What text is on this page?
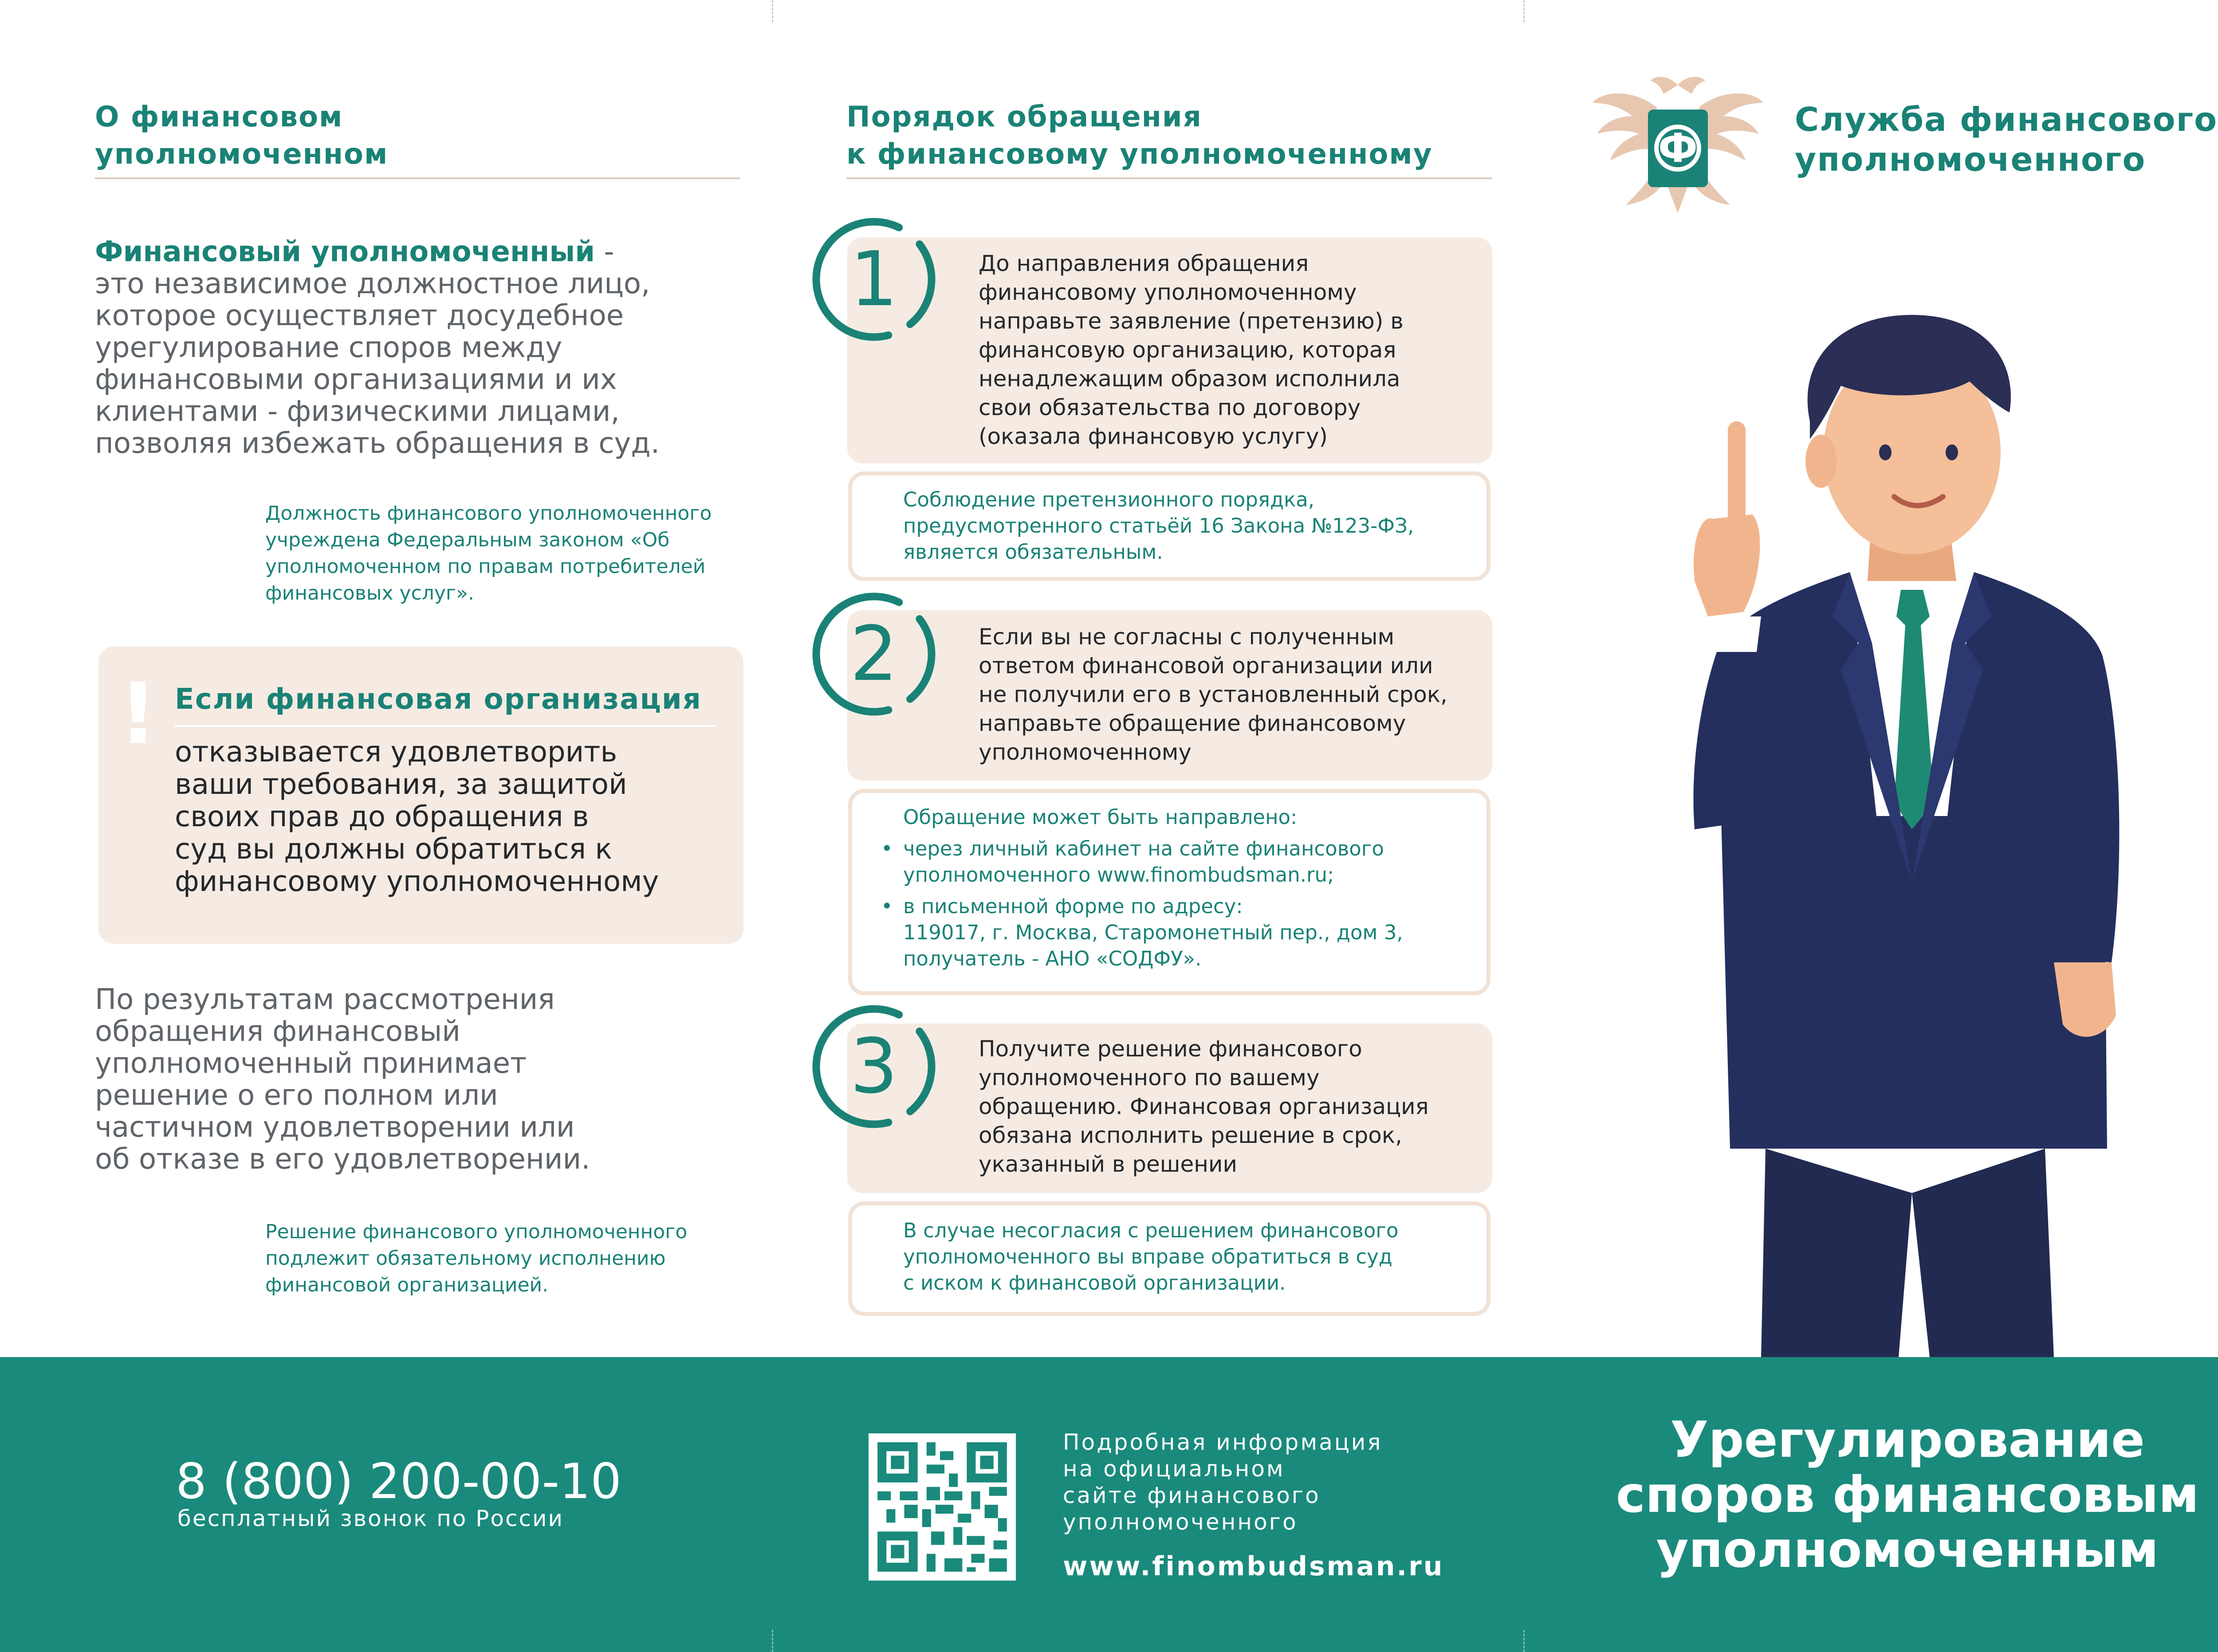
О финансовом

уполномоченном

Финансовый уполномоченный -
это независимое должностное лицо,
которое осуществляет досудебное
урегулирование споров между
финансовыми организациями и их
клиентами - физическими лицами,
позволяя избежать обращения в суд.
Должность финансового уполномоченного
учреждена Федеральным законом «Об
уполномоченном по правам потребителей
финансовых услуг».
! Если финансовая организация
отказывается удовлетворить
ваши требования, за защитой
своих прав до обращения в
суд вы должны обратиться к
финансовому уполномоченному
По результатам рассмотрения
обращения финансовый
уполномоченный принимает
решение о его полном или
частичном удовлетворении или
об отказе в его удовлетворении.
Решение финансового уполномоченного
подлежит обязательному исполнению
финансовой организацией.

Порядок обращения

к финансовому уполномоченному

1	До направления обращения
финансовому уполномоченному
направьте заявление (претензию) в
финансовую организацию, которая
ненадлежащим образом исполнила
свои обязательства по договору
(оказала финансовую услугу)
Соблюдение претензионного порядка,
предусмотренного статьёй 16 Закона №123-ФЗ,
является обязательным.
2	Если вы не согласны с полученным
ответом финансовой организации или
не получили его в установленный срок,
направьте обращение финансовому
уполномоченному
Обращение может быть направлено:
• через личный кабинет на сайте финансового
уполномоченного www.finombudsman.ru;
• в письменной форме по адресу:
119017, г. Москва, Старомонетный пер., дом 3,
получатель - АНО «СОДФУ».
3	Получите решение финансового
уполномоченного по вашему
обращению. Финансовая организация
обязана исполнить решение в срок,
указанный в решении
В случае несогласия с решением финансового
уполномоченного вы вправе обратиться в суд
с иском к финансовой организации.
Ф
Служба финансового
уполномоченного
8 (800) 200-00-10
бесплатный звонок по России
Подробная информация
на официальном
сайте финансового
уполномоченного
www.finombudsman.ru
Урегулирование
споров финансовым
уполномоченным
